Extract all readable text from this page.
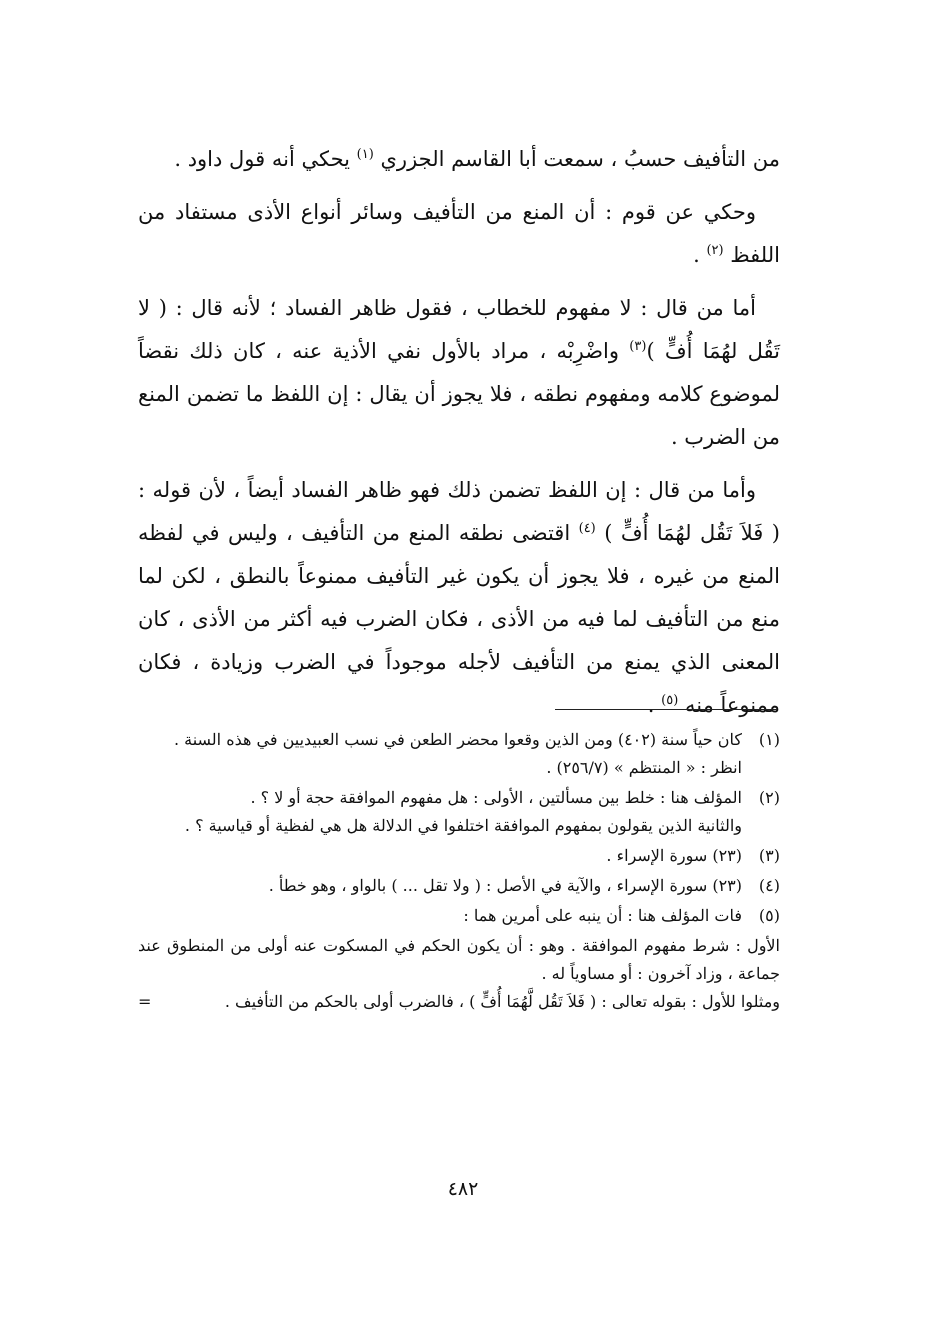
من التأفيف حسبُ ، سمعت أبا القاسم الجزري $^{(١)}$ يحكي أنه قول داود .

وحكي عن قوم : أن المنع من التأفيف وسائر أنواع الأذى مستفاد من اللفظ $^{(٢)}$ .

أما من قال : لا مفهوم للخطاب ، فقول ظاهر الفساد ؛ لأنه قال : ( لا تَقُل لهُمَا أُفٍّ )$^{(٣)}$ واضْرِبْه ، مراد بالأول نفي الأذية عنه ، كان ذلك نقضاً لموضوع كلامه ومفهوم نطقه ، فلا يجوز أن يقال : إن اللفظ ما تضمن المنع من الضرب .

وأما من قال : إن اللفظ تضمن ذلك فهو ظاهر الفساد أيضاً ، لأن قوله : ( فَلاَ تَقُل لهُمَا أُفٍّ ) $^{(٤)}$ اقتضى نطقه المنع من التأفيف ، وليس في لفظه المنع من غيره ، فلا يجوز أن يكون غير التأفيف ممنوعاً بالنطق ، لكن لما منع من التأفيف لما فيه من الأذى ، فكان الضرب فيه أكثر من الأذى ، كان المعنى الذي يمنع من التأفيف لأجله موجوداً في الضرب وزيادة ، فكان ممنوعاً منه $^{(٥)}$ .

(١)

كان حياً سنة (٤٠٢) ومن الذين وقعوا محضر الطعن في نسب العبيديين في هذه السنة .

انظر : « المنتظم » (٢٥٦/٧) .

(٢)

المؤلف هنا : خلط بين مسألتين ، الأولى : هل مفهوم الموافقة حجة أو لا ؟ .

والثانية الذين يقولون بمفهوم الموافقة اختلفوا في الدلالة هل هي لفظية أو قياسية ؟ .

(٣)

(٢٣) سورة الإسراء .

(٤)

(٢٣) سورة الإسراء ، والآية في الأصل : ( ولا تقل ... ) بالواو ، وهو خطأ .

(٥)

فات المؤلف هنا : أن ينبه على أمرين هما :

الأول : شرط مفهوم الموافقة . وهو : أن يكون الحكم في المسكوت عنه أولى من المنطوق عند جماعة ، وزاد آخرون : أو مساوياً له .

=	ومثلوا للأول : بقوله تعالى : ( فَلاَ تَقُل لَّهُمَا أُفٍّ ) ، فالضرب أولى بالحكم من التأفيف .

٤٨٢
